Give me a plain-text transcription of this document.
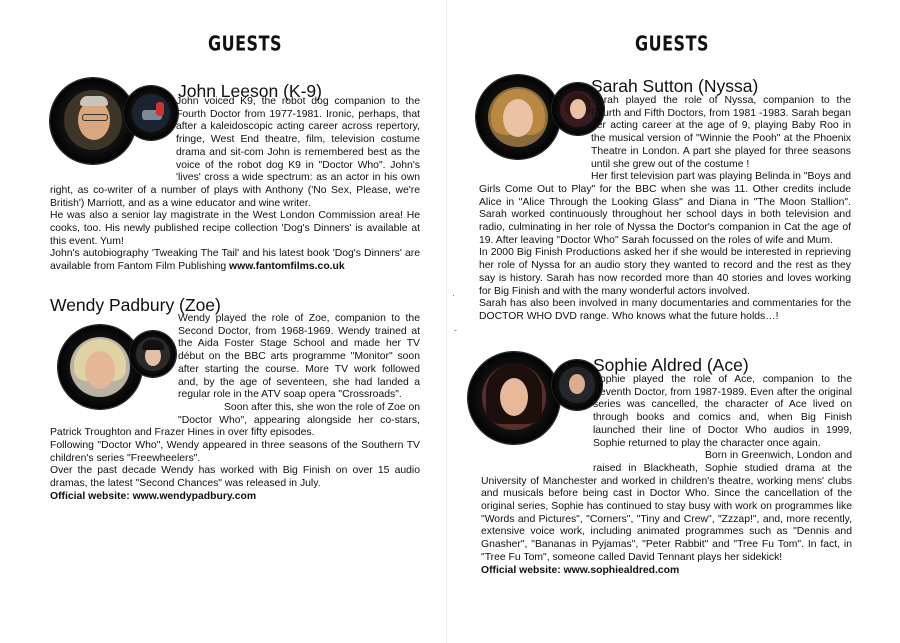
GUESTS
John Leeson (K-9)

John voiced K9, the robot dog companion to the Fourth Doctor from 1977-1981. Ironic, perhaps, that after a kaleidoscopic acting career across repertory, fringe, West End theatre, film, television costume drama and sit-com John is remembered best as the voice of the robot dog K9 in "Doctor Who". John's 'lives' cross a wide spectrum: as an actor in his own right, as co-writer of a number of plays with Anthony ('No Sex, Please, we're British') Marriott, and as a wine educator and wine writer.

He was also a senior lay magistrate in the West London Commission area! He cooks, too. His newly published recipe collection 'Dog's Dinners' is available at this event. Yum!

John's autobiography 'Tweaking The Tail' and his latest book 'Dog's Dinners' are available from Fantom Film Publishing www.fantomfilms.co.uk

Wendy Padbury (Zoe)

Wendy played the role of Zoe, companion to the Second Doctor, from 1968-1969. Wendy trained at the Aida Foster Stage School and made her TV début on the BBC arts programme "Monitor" soon after starting the course. More TV work followed and, by the age of seventeen, she had landed a regular role in the ATV soap opera "Crossroads".

Soon after this, she won the role of Zoe on "Doctor Who", appearing alongside her co-stars, Patrick Troughton and Frazer Hines in over fifty episodes.

Following "Doctor Who", Wendy appeared in three seasons of the Southern TV children's series "Freewheelers".

Over the past decade Wendy has worked with Big Finish on over 15 audio dramas, the latest "Second Chances" was released in July.

Official website: www.wendypadbury.com

GUESTS
·
-
Sarah Sutton (Nyssa)

Sarah played the role of Nyssa, companion to the Fourth and Fifth Doctors, from 1981 -1983. Sarah began her acting career at the age of 9, playing Baby Roo in the musical version of "Winnie the Pooh" at the Phoenix Theatre in London. A part she played for three seasons until she grew out of the costume !

Her first television part was playing Belinda in "Boys and Girls Come Out to Play" for the BBC when she was 11. Other credits include Alice in "Alice Through the Looking Glass" and Diana in "The Moon Stallion". Sarah worked continuously throughout her school days in both television and radio, culminating in her role of Nyssa the Doctor's companion in Cat the age of 19. After leaving "Doctor Who" Sarah focussed on the roles of wife and Mum.

In 2000 Big Finish Productions asked her if she would be interested in reprieving her role of Nyssa for an audio story they wanted to record and the rest as they say is history. Sarah has now recorded more than 40 stories and loves working for Big Finish and with the many wonderful actors involved.

Sarah has also been involved in many documentaries and commentaries for the DOCTOR WHO DVD range. Who knows what the future holds…!

Sophie Aldred (Ace)

Sophie played the role of Ace, companion to the Seventh Doctor, from 1987-1989. Even after the original series was cancelled, the character of Ace lived on through books and comics and, when Big Finish launched their line of Doctor Who audios in 1999, Sophie returned to play the character once again.

Born in Greenwich, London and raised in Blackheath, Sophie studied drama at the University of Manchester and worked in children's theatre, working mens' clubs and musicals before being cast in Doctor Who. Since the cancellation of the original series, Sophie has continued to stay busy with work on programmes like "Words and Pictures", "Corners", "Tiny and Crew", "Zzzap!", and, more recently, extensive voice work, including animated programmes such as "Dennis and Gnasher", "Bananas in Pyjamas", "Peter Rabbit" and "Tree Fu Tom". In fact, in "Tree Fu Tom", someone called David Tennant plays her sidekick!

Official website: www.sophiealdred.com
